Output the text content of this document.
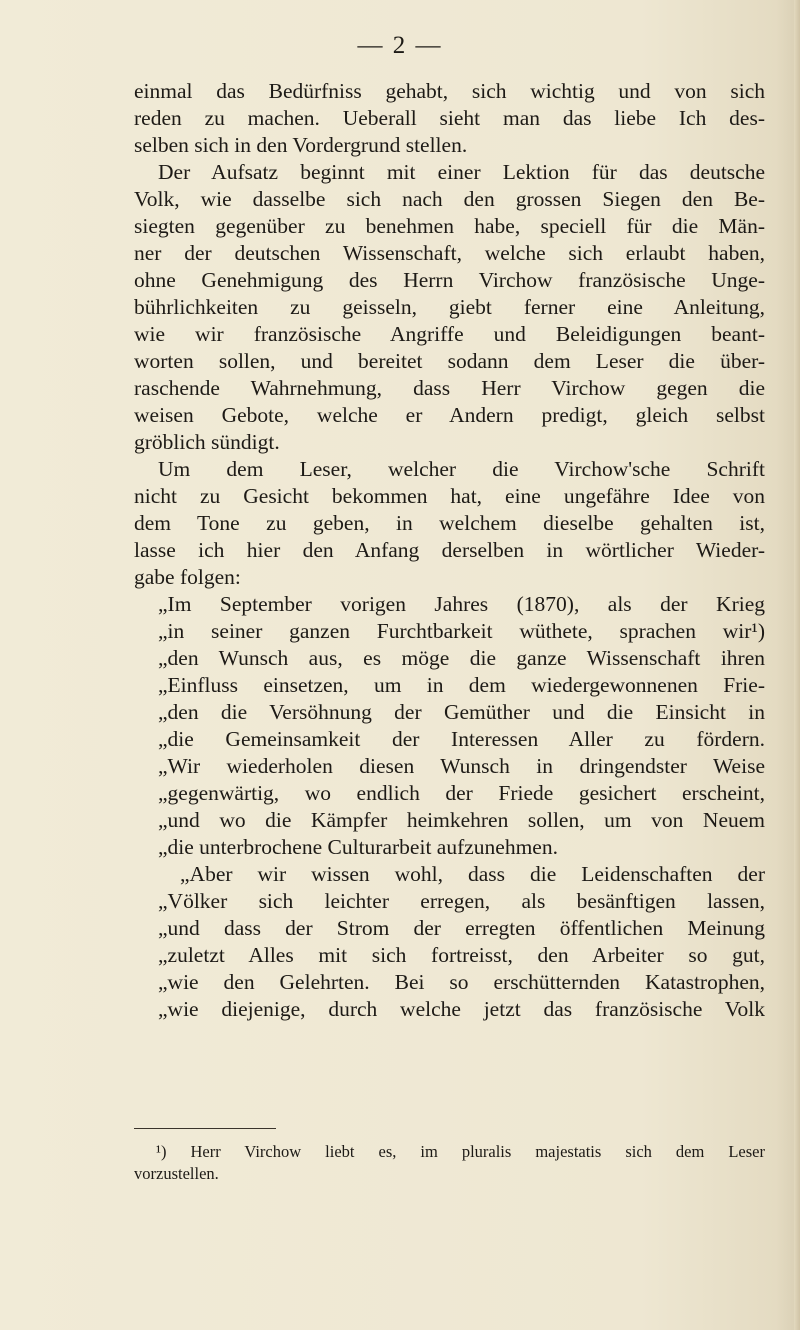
— 2 —
einmal das Bedürfniss gehabt, sich wichtig und von sich
reden zu machen. Ueberall sieht man das liebe Ich des-
selben sich in den Vordergrund stellen.
Der Aufsatz beginnt mit einer Lektion für das deutsche
Volk, wie dasselbe sich nach den grossen Siegen den Be-
siegten gegenüber zu benehmen habe, speciell für die Män-
ner der deutschen Wissenschaft, welche sich erlaubt haben,
ohne Genehmigung des Herrn Virchow französische Unge-
bührlichkeiten zu geisseln, giebt ferner eine Anleitung,
wie wir französische Angriffe und Beleidigungen beant-
worten sollen, und bereitet sodann dem Leser die über-
raschende Wahrnehmung, dass Herr Virchow gegen die
weisen Gebote, welche er Andern predigt, gleich selbst
gröblich sündigt.
Um dem Leser, welcher die Virchow'sche Schrift
nicht zu Gesicht bekommen hat, eine ungefähre Idee von
dem Tone zu geben, in welchem dieselbe gehalten ist,
lasse ich hier den Anfang derselben in wörtlicher Wieder-
gabe folgen:
„Im September vorigen Jahres (1870), als der Krieg
„in seiner ganzen Furchtbarkeit wüthete, sprachen wir¹)
„den Wunsch aus, es möge die ganze Wissenschaft ihren
„Einfluss einsetzen, um in dem wiedergewonnenen Frie-
„den die Versöhnung der Gemüther und die Einsicht in
„die Gemeinsamkeit der Interessen Aller zu fördern.
„Wir wiederholen diesen Wunsch in dringendster Weise
„gegenwärtig, wo endlich der Friede gesichert erscheint,
„und wo die Kämpfer heimkehren sollen, um von Neuem
„die unterbrochene Culturarbeit aufzunehmen.
„Aber wir wissen wohl, dass die Leidenschaften der
„Völker sich leichter erregen, als besänftigen lassen,
„und dass der Strom der erregten öffentlichen Meinung
„zuletzt Alles mit sich fortreisst, den Arbeiter so gut,
„wie den Gelehrten. Bei so erschütternden Katastrophen,
„wie diejenige, durch welche jetzt das französische Volk
¹) Herr Virchow liebt es, im pluralis majestatis sich dem Leser
vorzustellen.
